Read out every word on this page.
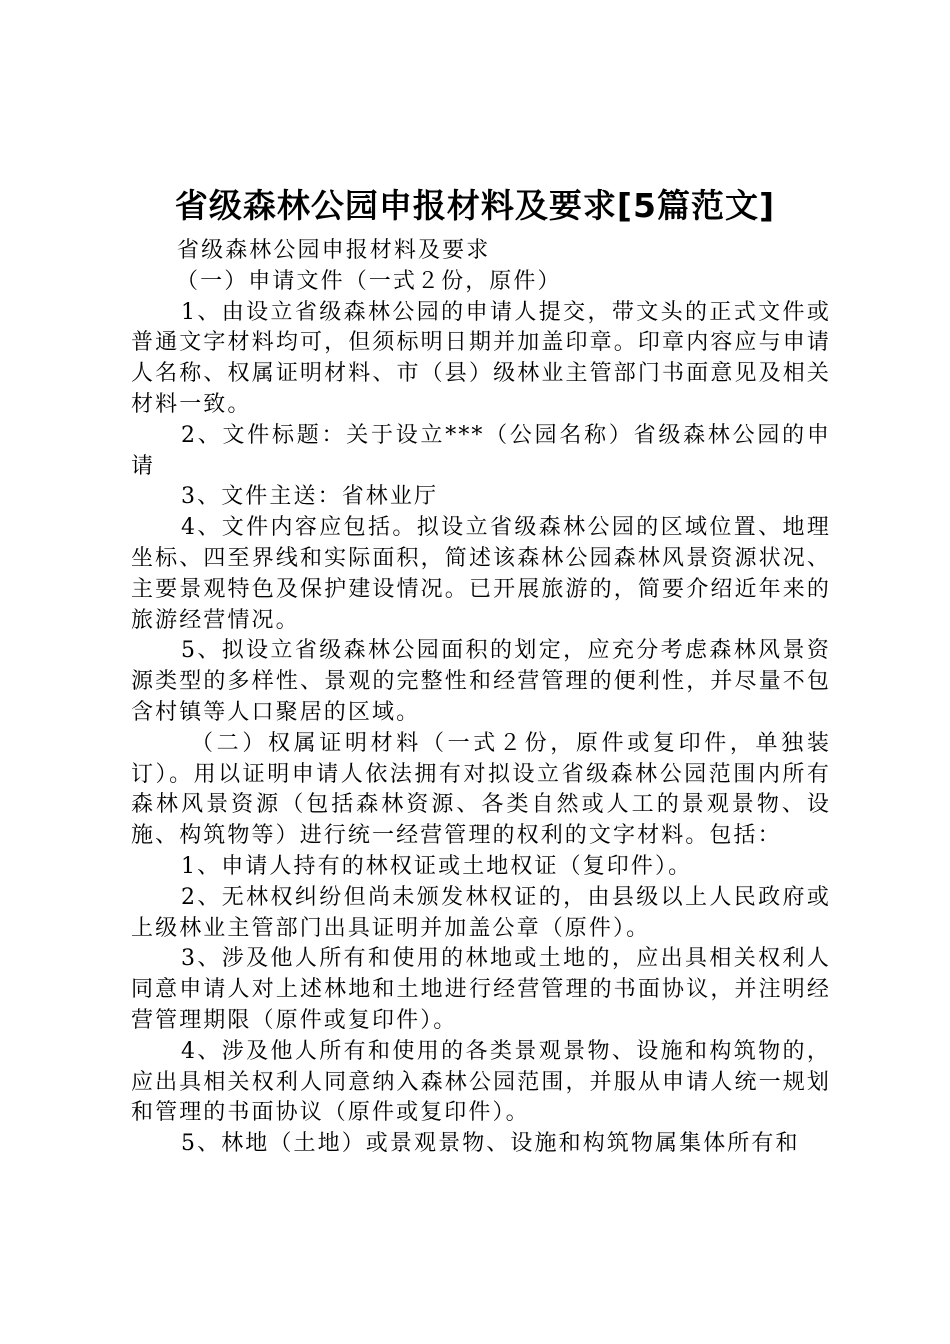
省级森林公园申报材料及要求[5篇范文]

省级森林公园申报材料及要求

（一）申请文件（一式２份，原件）

1、由设立省级森林公园的申请人提交，带文头的正式文件或普通文字材料均可，但须标明日期并加盖印章。印章内容应与申请人名称、权属证明材料、市（县）级林业主管部门书面意见及相关材料一致。

2、文件标题：关于设立***（公园名称）省级森林公园的申请

3、文件主送：省林业厅

4、文件内容应包括。拟设立省级森林公园的区域位置、地理坐标、四至界线和实际面积，简述该森林公园森林风景资源状况、主要景观特色及保护建设情况。已开展旅游的，简要介绍近年来的旅游经营情况。

5、拟设立省级森林公园面积的划定，应充分考虑森林风景资源类型的多样性、景观的完整性和经营管理的便利性，并尽量不包含村镇等人口聚居的区域。

（二）权属证明材料（一式２份，原件或复印件，单独装订）。用以证明申请人依法拥有对拟设立省级森林公园范围内所有森林风景资源（包括森林资源、各类自然或人工的景观景物、设施、构筑物等）进行统一经营管理的权利的文字材料。包括：

1、申请人持有的林权证或土地权证（复印件）。

2、无林权纠纷但尚未颁发林权证的，由县级以上人民政府或上级林业主管部门出具证明并加盖公章（原件）。

3、涉及他人所有和使用的林地或土地的，应出具相关权利人同意申请人对上述林地和土地进行经营管理的书面协议，并注明经营管理期限（原件或复印件）。

4、涉及他人所有和使用的各类景观景物、设施和构筑物的，应出具相关权利人同意纳入森林公园范围，并服从申请人统一规划和管理的书面协议（原件或复印件）。

5、林地（土地）或景观景物、设施和构筑物属集体所有和
